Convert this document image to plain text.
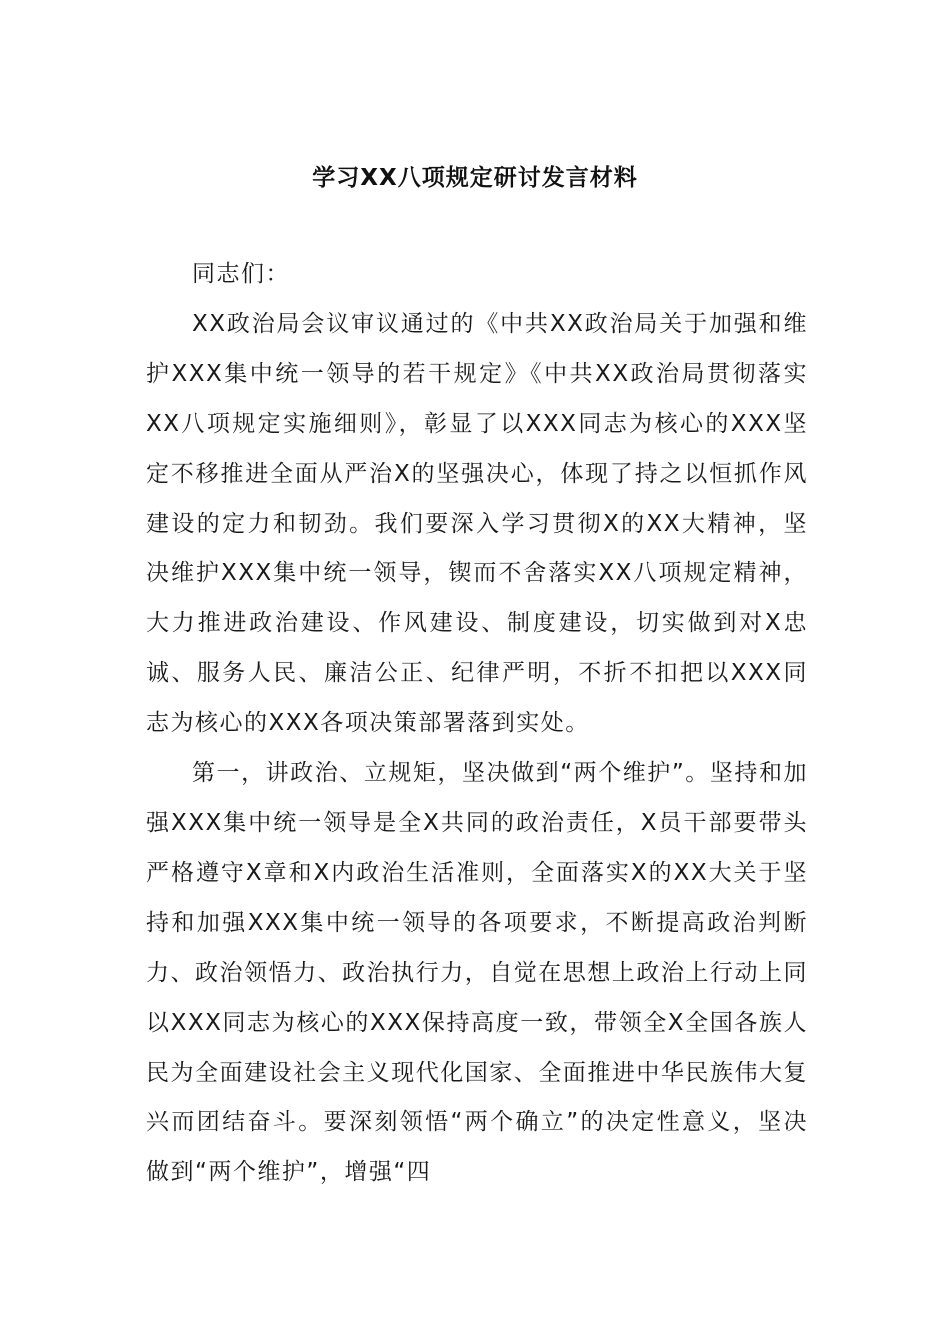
学习XX八项规定研讨发言材料

同志们：

XX政治局会议审议通过的《中共XX政治局关于加强和维护XXX集中统一领导的若干规定》《中共XX政治局贯彻落实XX八项规定实施细则》，彰显了以XXX同志为核心的XXX坚定不移推进全面从严治X的坚强决心，体现了持之以恒抓作风建设的定力和韧劲。我们要深入学习贯彻X的XX大精神，坚决维护XXX集中统一领导，锲而不舍落实XX八项规定精神，大力推进政治建设、作风建设、制度建设，切实做到对X忠诚、服务人民、廉洁公正、纪律严明，不折不扣把以XXX同志为核心的XXX各项决策部署落到实处。

第一，讲政治、立规矩，坚决做到“两个维护”。坚持和加强XXX集中统一领导是全X共同的政治责任，X员干部要带头严格遵守X章和X内政治生活准则，全面落实X的XX大关于坚持和加强XXX集中统一领导的各项要求，不断提高政治判断力、政治领悟力、政治执行力，自觉在思想上政治上行动上同以XXX同志为核心的XXX保持高度一致，带领全X全国各族人民为全面建设社会主义现代化国家、全面推进中华民族伟大复兴而团结奋斗。要深刻领悟“两个确立”的决定性意义，坚决做到“两个维护”，增强“四
